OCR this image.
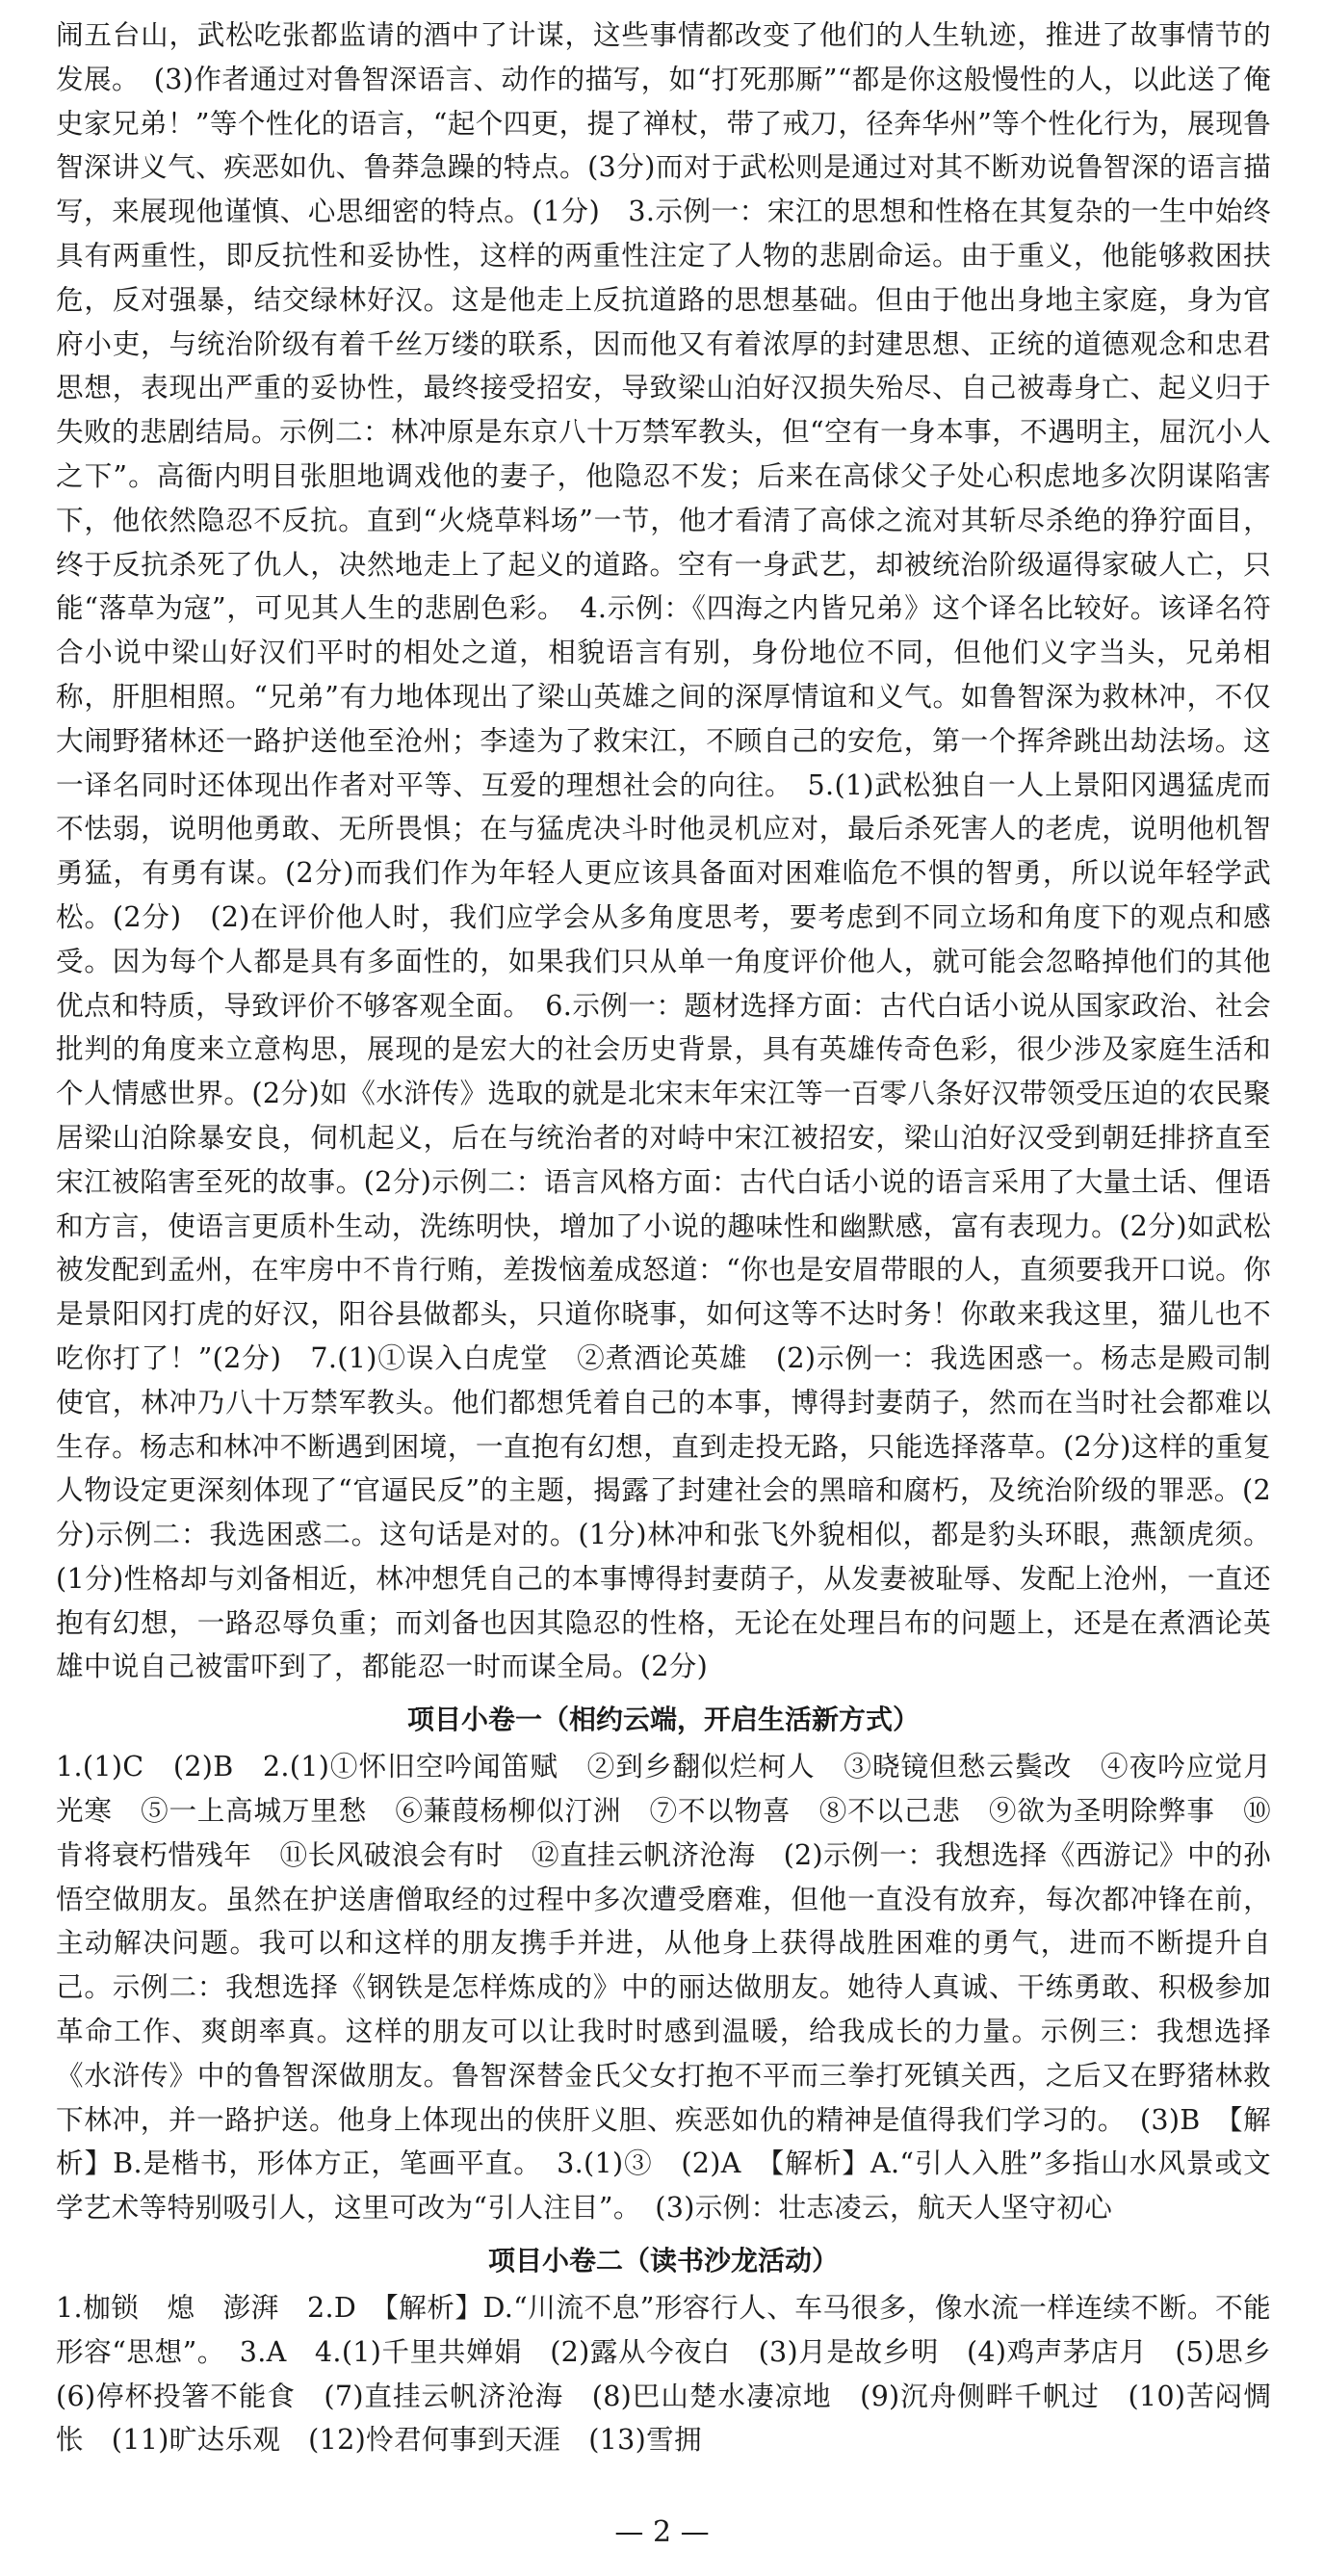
闹五台山，武松吃张都监请的酒中了计谋，这些事情都改变了他们的人生轨迹，推进了故事情节的发展。　(3)作者通过对鲁智深语言、动作的描写，如“打死那厮”“都是你这般慢性的人，以此送了俺史家兄弟！”等个性化的语言，“起个四更，提了禅杖，带了戒刀，径奔华州”等个性化行为，展现鲁智深讲义气、疾恶如仇、鲁莽急躁的特点。(3分)而对于武松则是通过对其不断劝说鲁智深的语言描写，来展现他谨慎、心思细密的特点。(1分)　3.示例一：宋江的思想和性格在其复杂的一生中始终具有两重性，即反抗性和妥协性，这样的两重性注定了人物的悲剧命运。由于重义，他能够救困扶危，反对强暴，结交绿林好汉。这是他走上反抗道路的思想基础。但由于他出身地主家庭，身为官府小吏，与统治阶级有着千丝万缕的联系，因而他又有着浓厚的封建思想、正统的道德观念和忠君思想，表现出严重的妥协性，最终接受招安，导致梁山泊好汉损失殆尽、自己被毒身亡、起义归于失败的悲剧结局。示例二：林冲原是东京八十万禁军教头，但“空有一身本事，不遇明主，屈沉小人之下”。高衙内明目张胆地调戏他的妻子，他隐忍不发；后来在高俅父子处心积虑地多次阴谋陷害下，他依然隐忍不反抗。直到“火烧草料场”一节，他才看清了高俅之流对其斩尽杀绝的狰狞面目，终于反抗杀死了仇人，决然地走上了起义的道路。空有一身武艺，却被统治阶级逼得家破人亡，只能“落草为寇”，可见其人生的悲剧色彩。　4.示例：《四海之内皆兄弟》这个译名比较好。该译名符合小说中梁山好汉们平时的相处之道，相貌语言有别，身份地位不同，但他们义字当头，兄弟相称，肝胆相照。“兄弟”有力地体现出了梁山英雄之间的深厚情谊和义气。如鲁智深为救林冲，不仅大闹野猪林还一路护送他至沧州；李逵为了救宋江，不顾自己的安危，第一个挥斧跳出劫法场。这一译名同时还体现出作者对平等、互爱的理想社会的向往。　5.(1)武松独自一人上景阳冈遇猛虎而不怯弱，说明他勇敢、无所畏惧；在与猛虎决斗时他灵机应对，最后杀死害人的老虎，说明他机智勇猛，有勇有谋。(2分)而我们作为年轻人更应该具备面对困难临危不惧的智勇，所以说年轻学武松。(2分)　(2)在评价他人时，我们应学会从多角度思考，要考虑到不同立场和角度下的观点和感受。因为每个人都是具有多面性的，如果我们只从单一角度评价他人，就可能会忽略掉他们的其他优点和特质，导致评价不够客观全面。　6.示例一：题材选择方面：古代白话小说从国家政治、社会批判的角度来立意构思，展现的是宏大的社会历史背景，具有英雄传奇色彩，很少涉及家庭生活和个人情感世界。(2分)如《水浒传》选取的就是北宋末年宋江等一百零八条好汉带领受压迫的农民聚居梁山泊除暴安良，伺机起义，后在与统治者的对峙中宋江被招安，梁山泊好汉受到朝廷排挤直至宋江被陷害至死的故事。(2分)示例二：语言风格方面：古代白话小说的语言采用了大量土话、俚语和方言，使语言更质朴生动，洗练明快，增加了小说的趣味性和幽默感，富有表现力。(2分)如武松被发配到孟州，在牢房中不肯行贿，差拨恼羞成怒道：“你也是安眉带眼的人，直须要我开口说。你是景阳冈打虎的好汉，阳谷县做都头，只道你晓事，如何这等不达时务！你敢来我这里，猫儿也不吃你打了！”(2分)　7.(1)①误入白虎堂　②煮酒论英雄　(2)示例一：我选困惑一。杨志是殿司制使官，林冲乃八十万禁军教头。他们都想凭着自己的本事，博得封妻荫子，然而在当时社会都难以生存。杨志和林冲不断遇到困境，一直抱有幻想，直到走投无路，只能选择落草。(2分)这样的重复人物设定更深刻体现了“官逼民反”的主题，揭露了封建社会的黑暗和腐朽，及统治阶级的罪恶。(2分)示例二：我选困惑二。这句话是对的。(1分)林冲和张飞外貌相似，都是豹头环眼，燕颔虎须。(1分)性格却与刘备相近，林冲想凭自己的本事博得封妻荫子，从发妻被耻辱、发配上沧州，一直还抱有幻想，一路忍辱负重；而刘备也因其隐忍的性格，无论在处理吕布的问题上，还是在煮酒论英雄中说自己被雷吓到了，都能忍一时而谋全局。(2分)

项目小卷一（相约云端，开启生活新方式）

1.(1)C　(2)B　2.(1)①怀旧空吟闻笛赋　②到乡翻似烂柯人　③晓镜但愁云鬓改　④夜吟应觉月光寒　⑤一上高城万里愁　⑥蒹葭杨柳似汀洲　⑦不以物喜　⑧不以己悲　⑨欲为圣明除弊事　⑩肯将衰朽惜残年　⑪长风破浪会有时　⑫直挂云帆济沧海　(2)示例一：我想选择《西游记》中的孙悟空做朋友。虽然在护送唐僧取经的过程中多次遭受磨难，但他一直没有放弃，每次都冲锋在前，主动解决问题。我可以和这样的朋友携手并进，从他身上获得战胜困难的勇气，进而不断提升自己。示例二：我想选择《钢铁是怎样炼成的》中的丽达做朋友。她待人真诚、干练勇敢、积极参加革命工作、爽朗率真。这样的朋友可以让我时时感到温暖，给我成长的力量。示例三：我想选择《水浒传》中的鲁智深做朋友。鲁智深替金氏父女打抱不平而三拳打死镇关西，之后又在野猪林救下林冲，并一路护送。他身上体现出的侠肝义胆、疾恶如仇的精神是值得我们学习的。　(3)B　【解析】B.是楷书，形体方正，笔画平直。　3.(1)③　(2)A　【解析】A.“引人入胜”多指山水风景或文学艺术等特别吸引人，这里可改为“引人注目”。　(3)示例：壮志凌云，航天人坚守初心

项目小卷二（读书沙龙活动）

1.枷锁　熄　澎湃　2.D　【解析】D.“川流不息”形容行人、车马很多，像水流一样连续不断。不能形容“思想”。　3.A　4.(1)千里共婵娟　(2)露从今夜白　(3)月是故乡明　(4)鸡声茅店月　(5)思乡　(6)停杯投箸不能食　(7)直挂云帆济沧海　(8)巴山楚水凄凉地　(9)沉舟侧畔千帆过　(10)苦闷惆怅　(11)旷达乐观　(12)怜君何事到天涯　(13)雪拥

— 2 —
